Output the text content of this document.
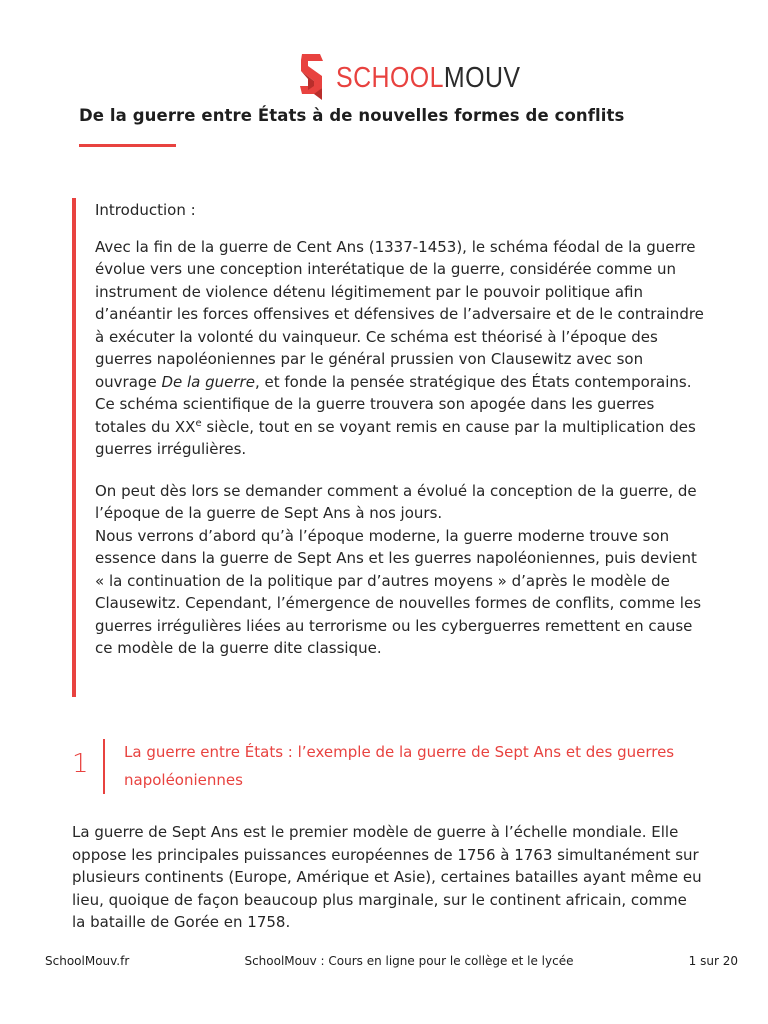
SCHOOLMOUV
De la guerre entre États à de nouvelles formes de conflits

Introduction :

Avec la fin de la guerre de Cent Ans (1337-1453), le schéma féodal de la guerre évolue vers une conception interétatique de la guerre, considérée comme un instrument de violence détenu légitimement par le pouvoir politique afin d’anéantir les forces offensives et défensives de l’adversaire et de le contraindre à exécuter la volonté du vainqueur. Ce schéma est théorisé à l’époque des guerres napoléoniennes par le général prussien von Clausewitz avec son ouvrage De la guerre, et fonde la pensée stratégique des États contemporains. Ce schéma scientifique de la guerre trouvera son apogée dans les guerres totales du XXe siècle, tout en se voyant remis en cause par la multiplication des guerres irrégulières.

On peut dès lors se demander comment a évolué la conception de la guerre, de l’époque de la guerre de Sept Ans à nos jours.

Nous verrons d’abord qu’à l’époque moderne, la guerre moderne trouve son essence dans la guerre de Sept Ans et les guerres napoléoniennes, puis devient « la continuation de la politique par d’autres moyens » d’après le modèle de Clausewitz. Cependant, l’émergence de nouvelles formes de conflits, comme les guerres irrégulières liées au terrorisme ou les cyberguerres remettent en cause ce modèle de la guerre dite classique.

1 La guerre entre États : l’exemple de la guerre de Sept Ans et des guerres napoléoniennes

La guerre de Sept Ans est le premier modèle de guerre à l’échelle mondiale. Elle oppose les principales puissances européennes de 1756 à 1763 simultanément sur plusieurs continents (Europe, Amérique et Asie), certaines batailles ayant même eu lieu, quoique de façon beaucoup plus marginale, sur le continent africain, comme la bataille de Gorée en 1758.

SchoolMouv.fr	SchoolMouv : Cours en ligne pour le collège et le lycée	1 sur 20
